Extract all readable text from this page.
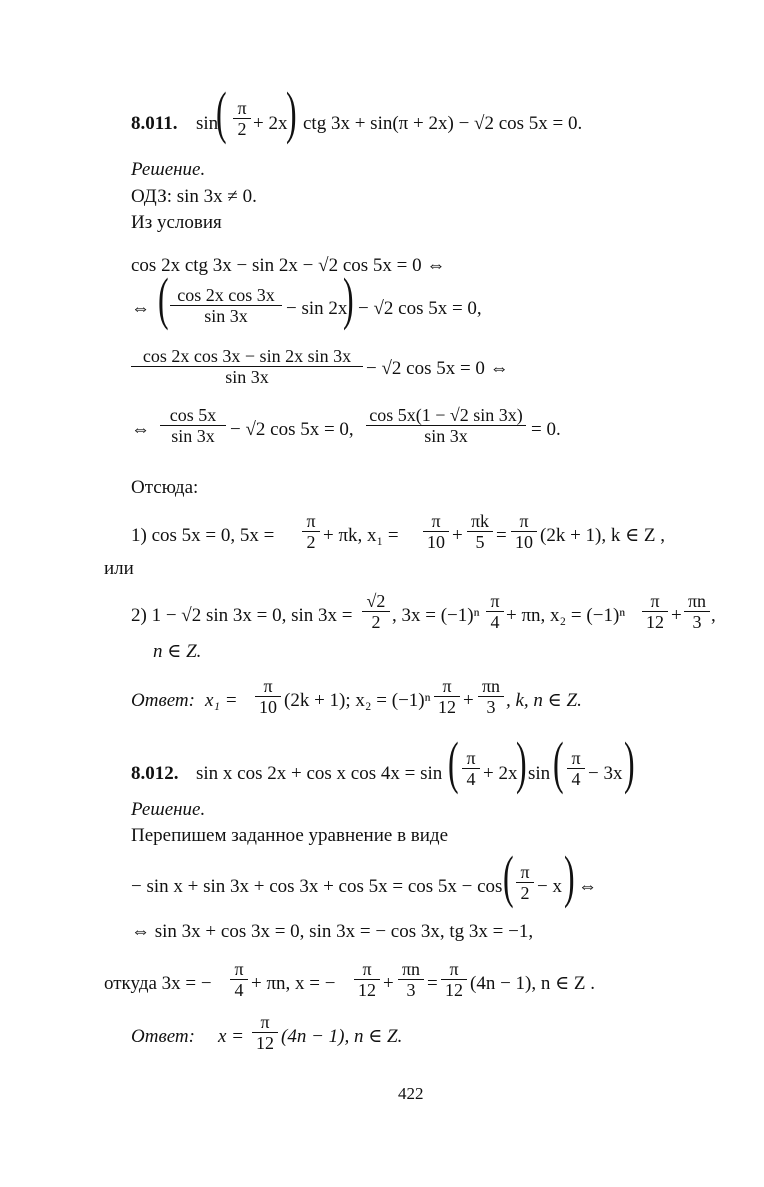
8.011. sin
( $\frac{\pi}{2} + 2x$
) ctg 3x + sin(π + 2x) − √2 cos 5x = 0.
Решение.
ОДЗ: sin 3x ≠ 0.
Из условия
cos 2x ctg 3x − sin 2x − √2 cos 5x = 0 ⇔
⇔ ( $\frac{\text{cos 2x cos 3x}}{\sin 3x} - \sin 2x$
) − √2 cos 5x = 0,
$\frac{\text{cos 2x cos 3x − sin 2x sin 3x}}{\sin 3x} - √2$ cos 5x = 0 ⇔
⇔ $\frac{\cos 5x}{\sin 3x} - √2$ cos 5x = 0, $\frac{\cos 5x(1 - √2 \sin 3x)}{\sin 3x} = 0$.
Отсюда:
1) cos 5x = 0, $5x = \frac{\pi}{2} + \pi k$, $x_1 = \frac{\pi}{10} + \frac{\pi k}{5} = \frac{\pi}{10} (2k + 1)$, k ∈ Z ,
или
2) 1 − √2 sin 3x = 0, $\sin 3x = \frac{√2}{2}$ , $3x = (-1)^n \frac{\pi}{4} + \pi n$, $x_2 = (-1)^n \frac{\pi}{12} + \frac{\pi n}{3}$ ,
n ∈ Z.
Ответ: $x_1 = \frac{\pi}{10} (2k + 1)$; $x_2 = (-1)^n \frac{\pi}{12} + \frac{\pi n}{3}$ , k, n ∈ Z.
8.012. sin x cos 2x + cos x cos 4x = sin ( $\frac{\pi}{4} + 2x$
) sin ( $\frac{\pi}{4} - 3x$ )
Решение.
Перепишем заданное уравнение в виде
− sin x + sin 3x + cos 3x + cos 5x = cos 5x − cos ( $\frac{\pi}{2} - x$ ) ⇔
⇔ sin 3x + cos 3x = 0, sin 3x = − cos 3x, tg 3x = −1,
откуда 3x = − $\frac{\pi}{4} + \pi n$, x = − $\frac{\pi}{12} + \frac{\pi n}{3} = \frac{\pi}{12} (4n - 1)$, n ∈ Z .
Ответ: $x = \frac{\pi}{12} (4n - 1)$, n ∈ Z.
422
